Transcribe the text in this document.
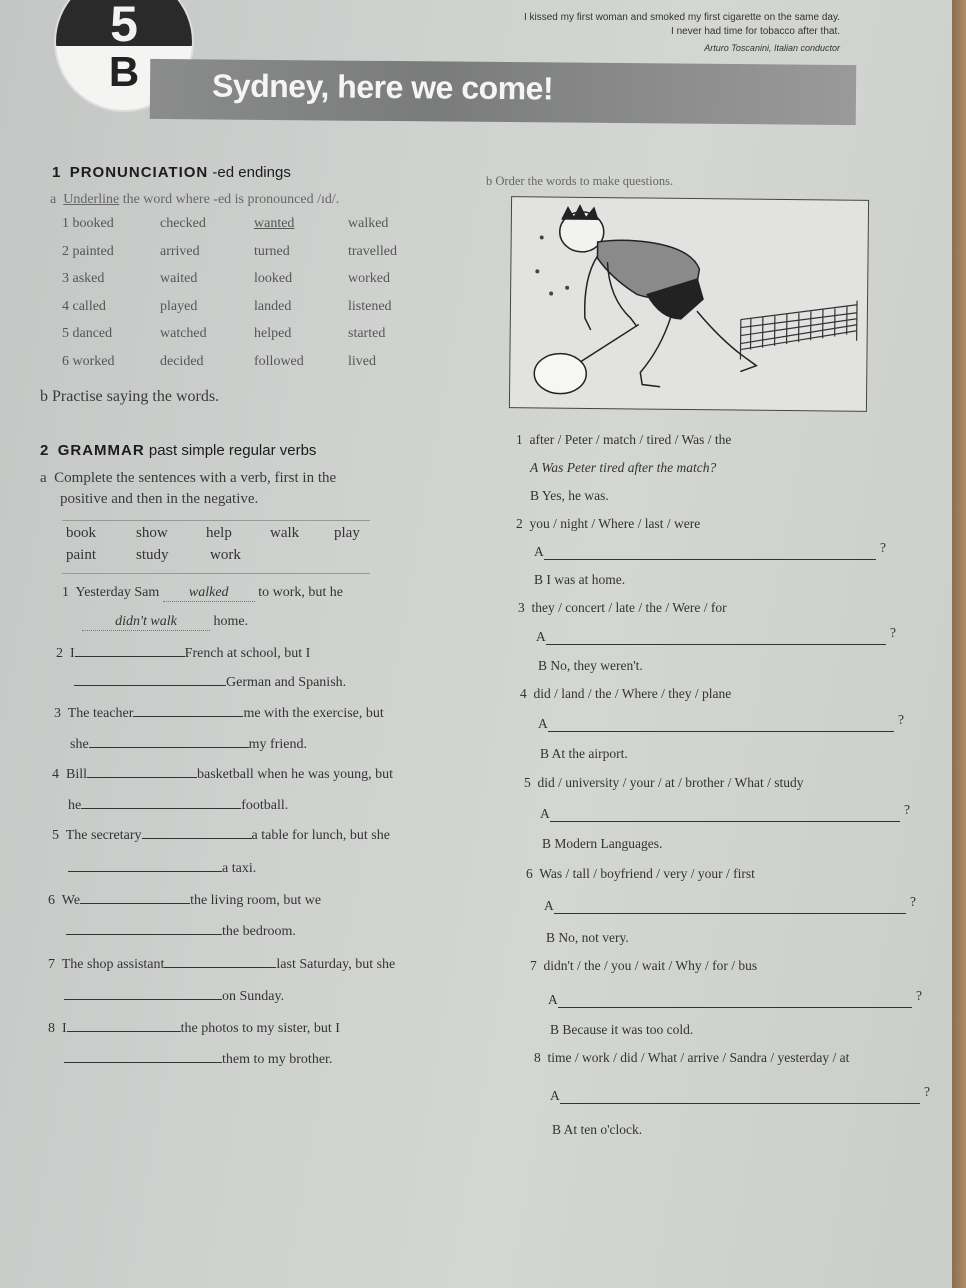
5
B
I kissed my first woman and smoked my first cigarette on the same day.
I never had time for tobacco after that.
Arturo Toscanini, Italian conductor
Sydney, here we come!
1 PRONUNCIATION -ed endings
a Underline the word where -ed is pronounced /ɪd/.
1 booked	checked	wanted	walked
2 painted	arrived	turned	travelled
3 asked	waited	looked	worked
4 called	played	landed	listened
5 danced	watched	helped	started
6 worked	decided	followed	lived
b Practise saying the words.
2 GRAMMAR past simple regular verbs
a Complete the sentences with a verb, first in the
positive and then in the negative.
book	show	help	walk play
paint	study	work
1 Yesterday Sam walked to work, but he
didn't walk	home.
2 I	French at school, but I
German and Spanish.
3 The teacher	me with the exercise, but
she	my friend.
4 Bill	basketball when he was young, but
he	football.
5 The secretary	a table for lunch, but she
a taxi.
6 We	the living room, but we
the bedroom.
7 The shop assistant	last Saturday, but she
on Sunday.
8 I	the photos to my sister, but I
them to my brother.
b Order the words to make questions.
1 after / Peter / match / tired / Was / the
A Was Peter tired after the match?
B Yes, he was.
2 you / night / Where / last / were
A	?
B I was at home.
3 they / concert / late / the / Were / for
A	?
B No, they weren't.
4 did / land / the / Where / they / plane
A	?
B At the airport.
5 did / university / your / at / brother / What / study
A	?
B Modern Languages.
6 Was / tall / boyfriend / very / your / first
A	?
B No, not very.
7 didn't / the / you / wait / Why / for / bus
A	?
B Because it was too cold.
8 time / work / did / What / arrive / Sandra / yesterday / at
A	?
B At ten o'clock.
